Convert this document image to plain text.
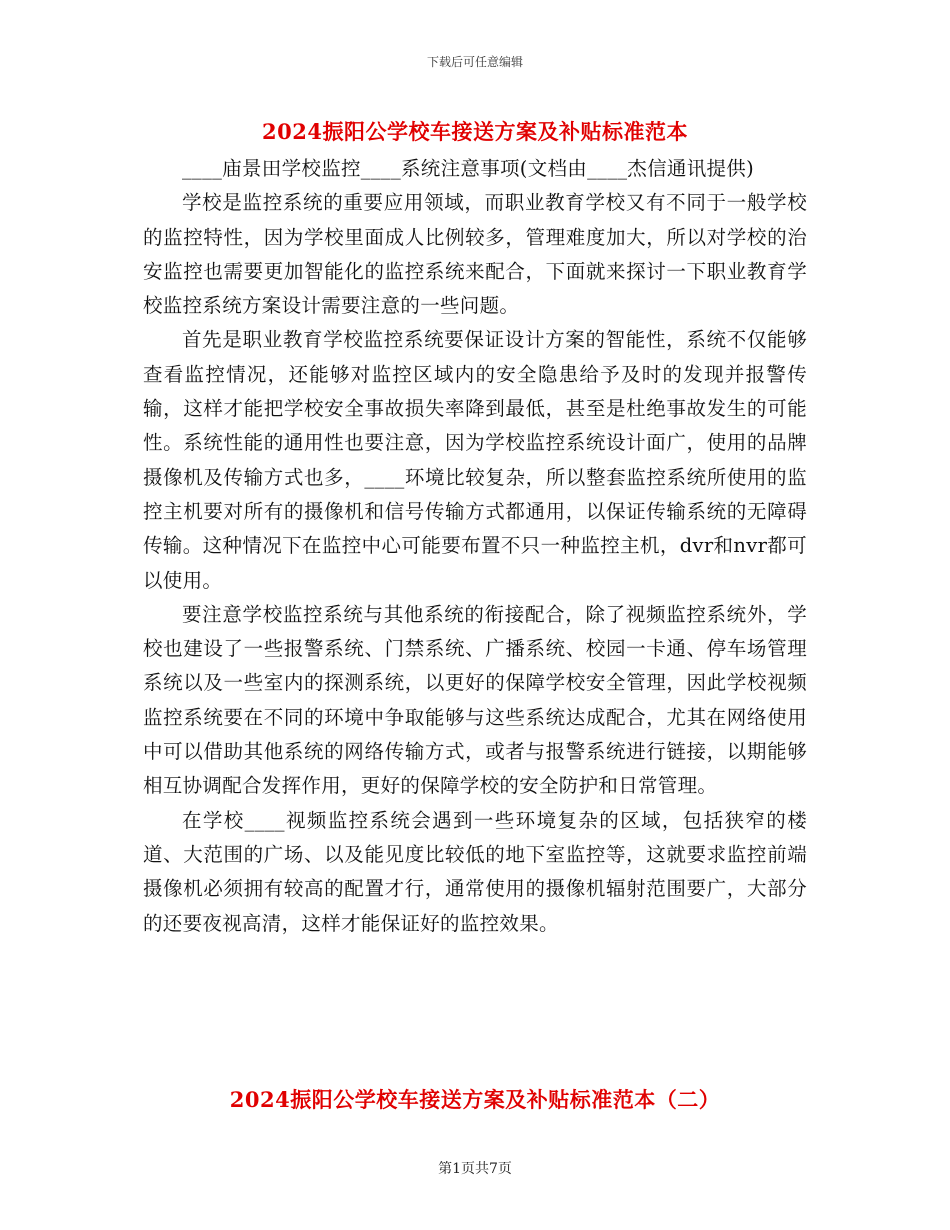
下载后可任意编辑
2024振阳公学校车接送方案及补贴标准范本

____庙景田学校监控____系统注意事项(文档由____杰信通讯提供)

学校是监控系统的重要应用领域，而职业教育学校又有不同于一般学校的监控特性，因为学校里面成人比例较多，管理难度加大，所以对学校的治安监控也需要更加智能化的监控系统来配合，下面就来探讨一下职业教育学校监控系统方案设计需要注意的一些问题。

首先是职业教育学校监控系统要保证设计方案的智能性，系统不仅能够查看监控情况，还能够对监控区域内的安全隐患给予及时的发现并报警传输，这样才能把学校安全事故损失率降到最低，甚至是杜绝事故发生的可能性。系统性能的通用性也要注意，因为学校监控系统设计面广，使用的品牌摄像机及传输方式也多，____环境比较复杂，所以整套监控系统所使用的监控主机要对所有的摄像机和信号传输方式都通用，以保证传输系统的无障碍传输。这种情况下在监控中心可能要布置不只一种监控主机，dvr和nvr都可以使用。

要注意学校监控系统与其他系统的衔接配合，除了视频监控系统外，学校也建设了一些报警系统、门禁系统、广播系统、校园一卡通、停车场管理系统以及一些室内的探测系统，以更好的保障学校安全管理，因此学校视频监控系统要在不同的环境中争取能够与这些系统达成配合，尤其在网络使用中可以借助其他系统的网络传输方式，或者与报警系统进行链接，以期能够相互协调配合发挥作用，更好的保障学校的安全防护和日常管理。

在学校____视频监控系统会遇到一些环境复杂的区域，包括狭窄的楼道、大范围的广场、以及能见度比较低的地下室监控等，这就要求监控前端摄像机必须拥有较高的配置才行，通常使用的摄像机辐射范围要广，大部分的还要夜视高清，这样才能保证好的监控效果。

2024振阳公学校车接送方案及补贴标准范本（二）
第1页共7页
